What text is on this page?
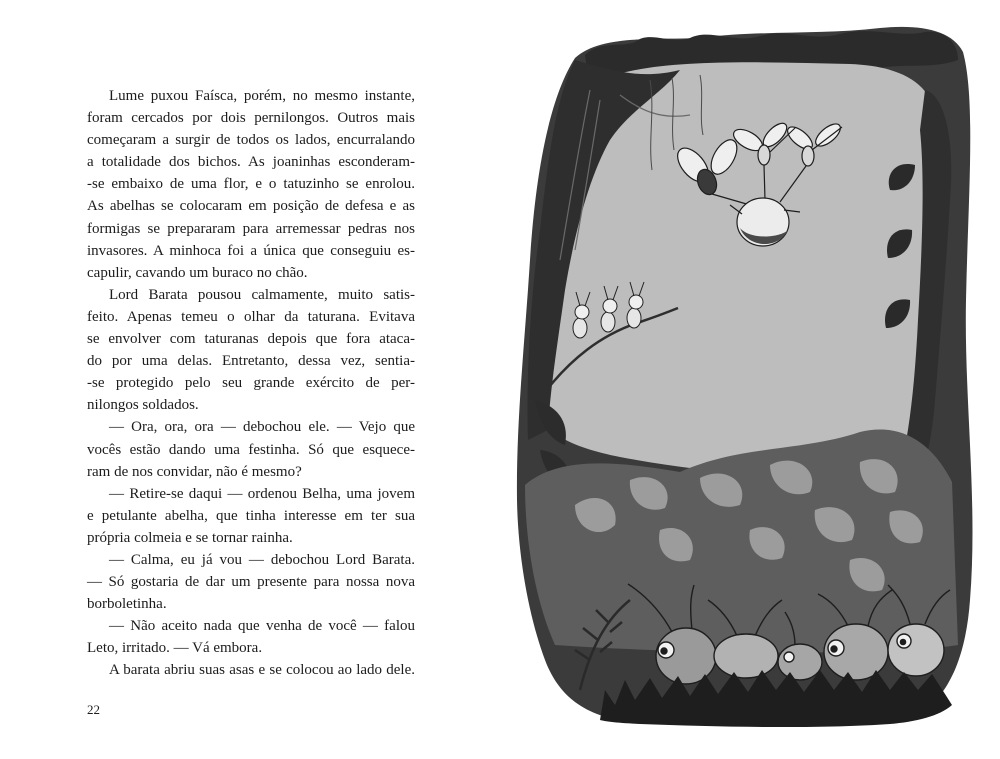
Lume puxou Faísca, porém, no mesmo instante,
foram cercados por dois pernilongos. Outros mais
começaram a surgir de todos os lados, encurralando
a totalidade dos bichos. As joaninhas esconderam-
-se embaixo de uma flor, e o tatuzinho se enrolou.
As abelhas se colocaram em posição de defesa e as
formigas se prepararam para arremessar pedras nos
invasores. A minhoca foi a única que conseguiu es-
capulir, cavando um buraco no chão.
Lord Barata pousou calmamente, muito satis-
feito. Apenas temeu o olhar da taturana. Evitava
se envolver com taturanas depois que fora ataca-
do por uma delas. Entretanto, dessa vez, sentia-
-se protegido pelo seu grande exército de per-
nilongos soldados.
— Ora, ora, ora — debochou ele. — Vejo que
vocês estão dando uma festinha. Só que esquece-
ram de nos convidar, não é mesmo?
— Retire-se daqui — ordenou Belha, uma jovem
e petulante abelha, que tinha interesse em ter sua
própria colmeia e se tornar rainha.
— Calma, eu já vou — debochou Lord Barata.
— Só gostaria de dar um presente para nossa nova
borboletinha.
— Não aceito nada que venha de você — falou
Leto, irritado. — Vá embora.
A barata abriu suas asas e se colocou ao lado dele.
22
